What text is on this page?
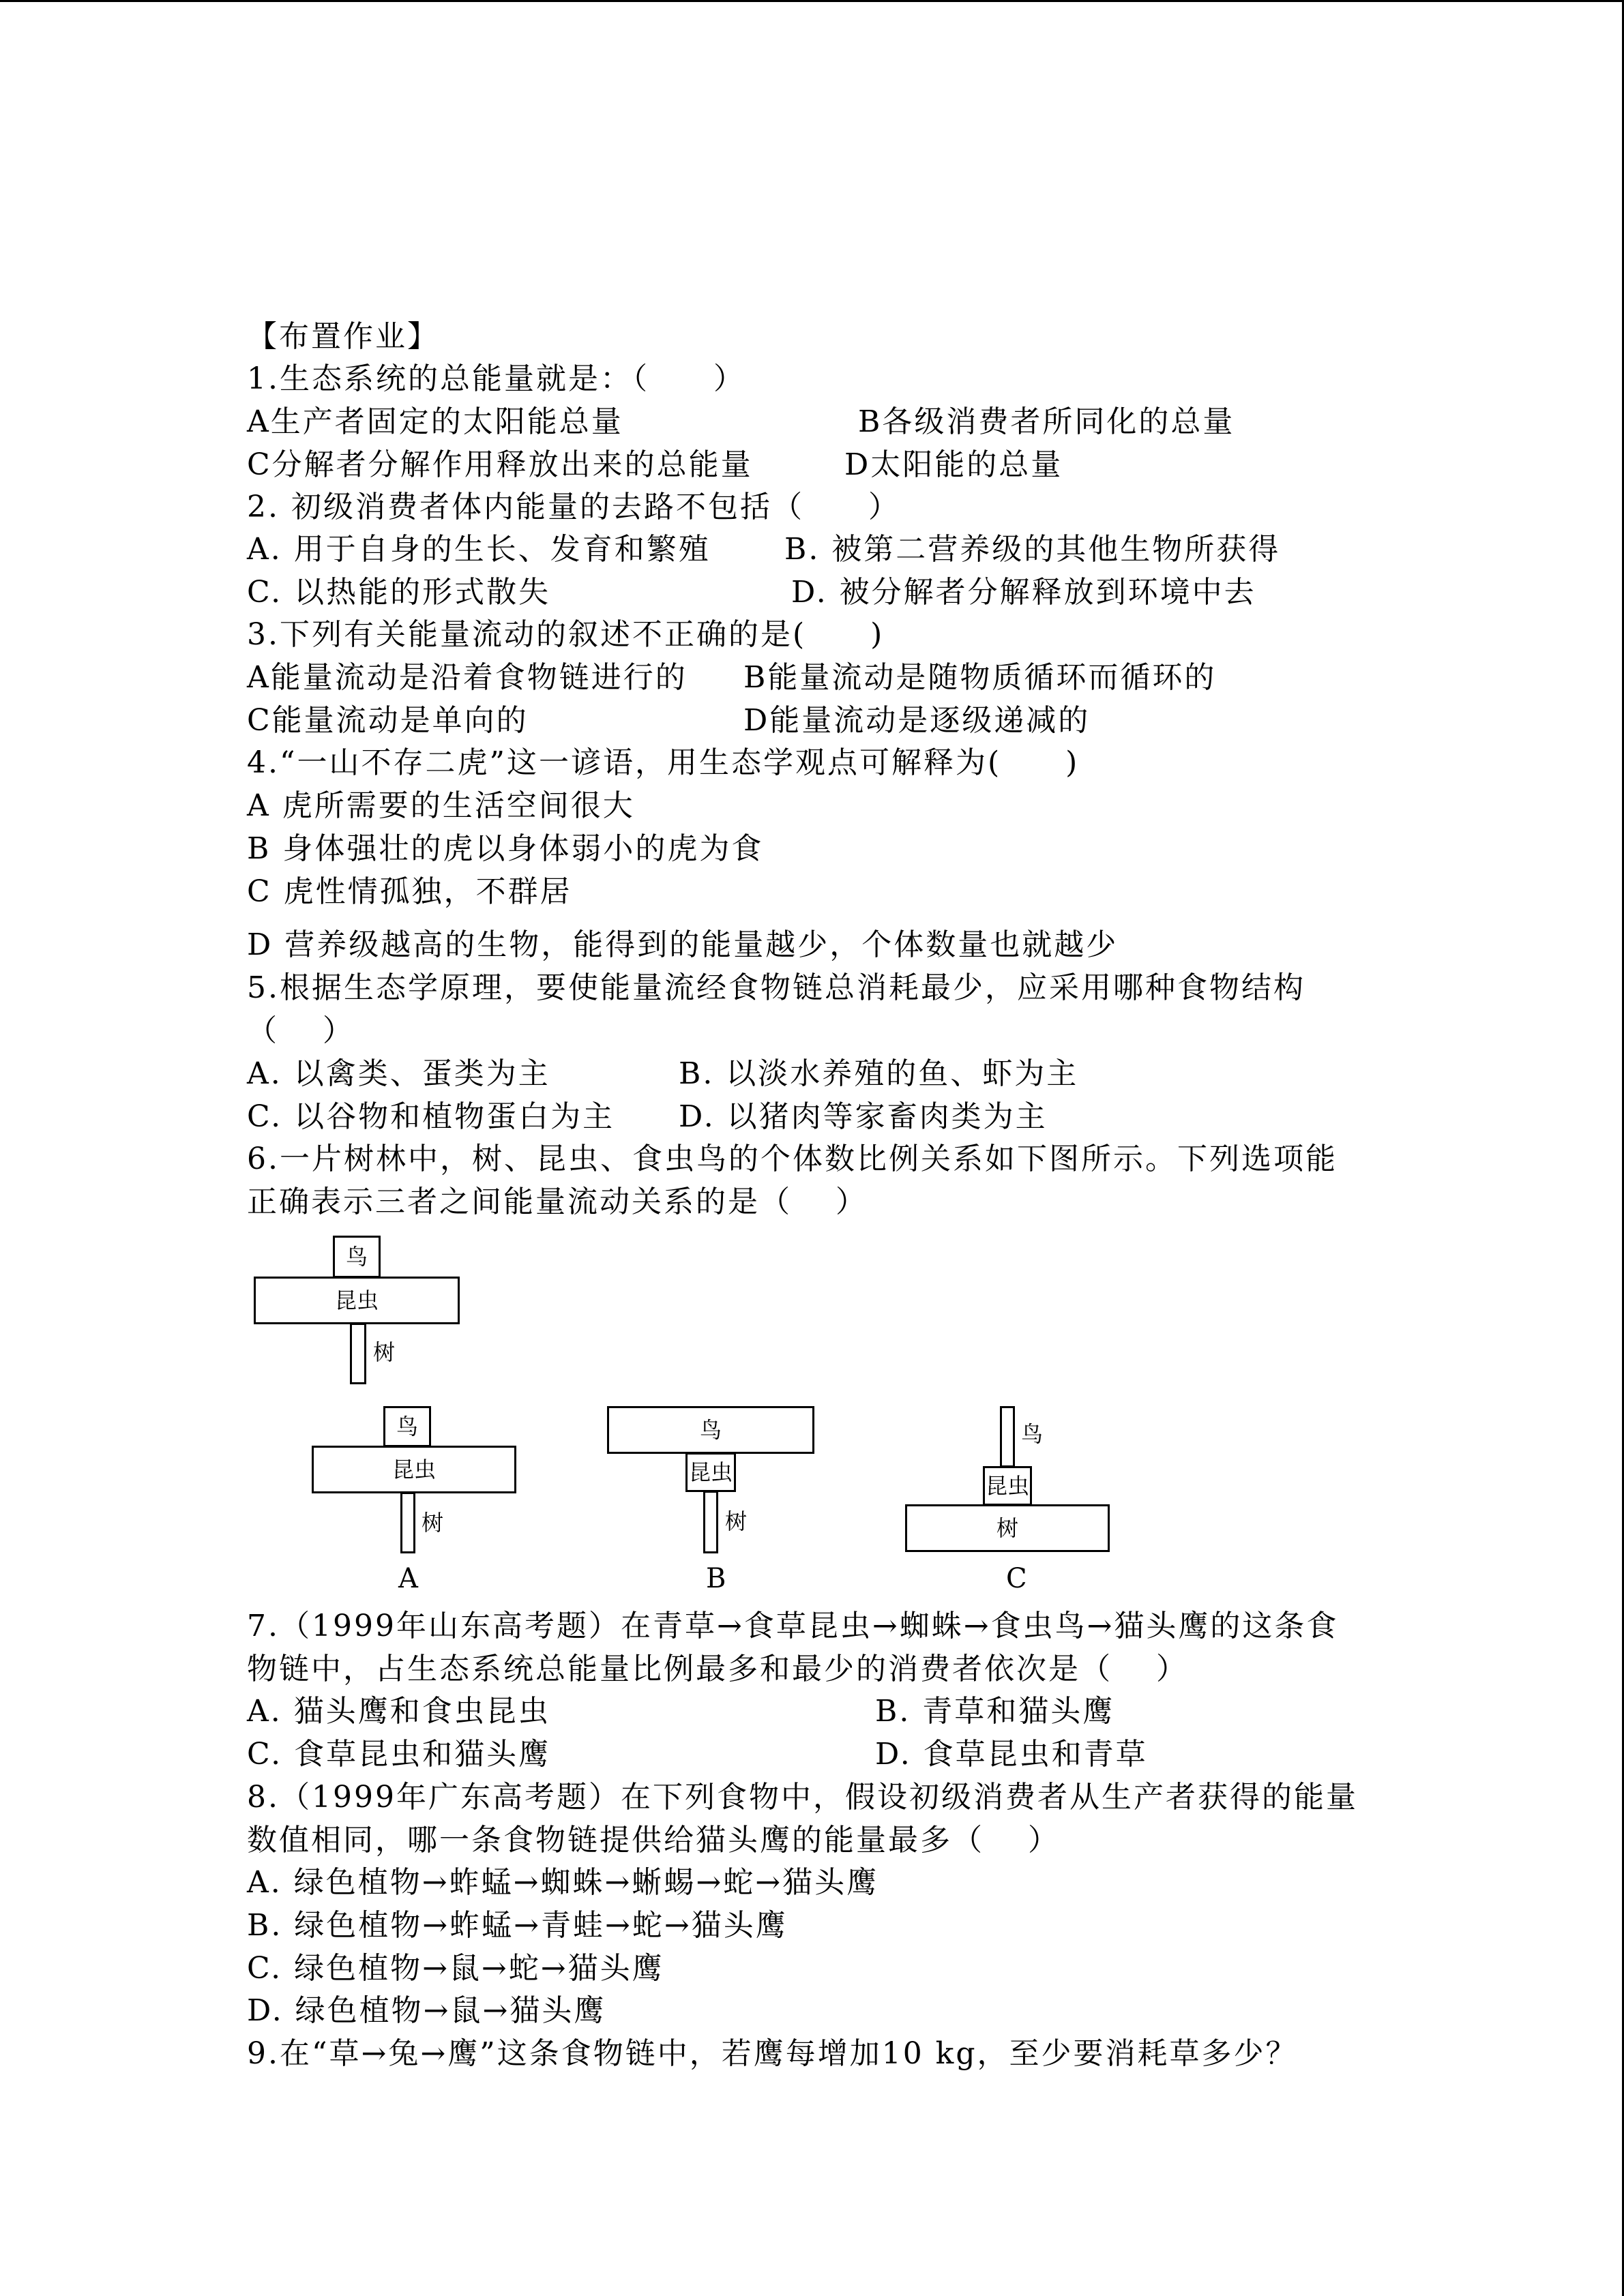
【布置作业】
1.生态系统的总能量就是：（　　）
A生产者固定的太阳能总量	B各级消费者所同化的总量
C分解者分解作用释放出来的总能量	D太阳能的总量
2. 初级消费者体内能量的去路不包括（　　）
A. 用于自身的生长、发育和繁殖 B. 被第二营养级的其他生物所获得
C. 以热能的形式散失	D. 被分解者分解释放到环境中去
3.下列有关能量流动的叙述不正确的是(　　)
A能量流动是沿着食物链进行的 B能量流动是随物质循环而循环的
C能量流动是单向的	D能量流动是逐级递减的
4.“一山不存二虎”这一谚语，用生态学观点可解释为(　　)
A 虎所需要的生活空间很大
B 身体强壮的虎以身体弱小的虎为食
C 虎性情孤独，不群居
D 营养级越高的生物，能得到的能量越少，个体数量也就越少
5.根据生态学原理，要使能量流经食物链总消耗最少，应采用哪种食物结构
（　 ）
A. 以禽类、蛋类为主	B. 以淡水养殖的鱼、虾为主
C. 以谷物和植物蛋白为主 D. 以猪肉等家畜肉类为主
6.一片树林中，树、昆虫、食虫鸟的个体数比例关系如下图所示。下列选项能
正确表示三者之间能量流动关系的是（　 ）
鸟
昆虫
树
鸟
昆虫
树
A
鸟
昆虫
树
B
鸟
昆虫
树
C
7.（1999年山东高考题）在青草→食草昆虫→蜘蛛→食虫鸟→猫头鹰的这条食
物链中，占生态系统总能量比例最多和最少的消费者依次是（　 ）
A. 猫头鹰和食虫昆虫	B. 青草和猫头鹰
C. 食草昆虫和猫头鹰	D. 食草昆虫和青草
8.（1999年广东高考题）在下列食物中，假设初级消费者从生产者获得的能量
数值相同，哪一条食物链提供给猫头鹰的能量最多（　 ）
A. 绿色植物→蚱蜢→蜘蛛→蜥蜴→蛇→猫头鹰
B. 绿色植物→蚱蜢→青蛙→蛇→猫头鹰
C. 绿色植物→鼠→蛇→猫头鹰
D. 绿色植物→鼠→猫头鹰
9.在“草→兔→鹰”这条食物链中，若鹰每增加10 kg，至少要消耗草多少？
